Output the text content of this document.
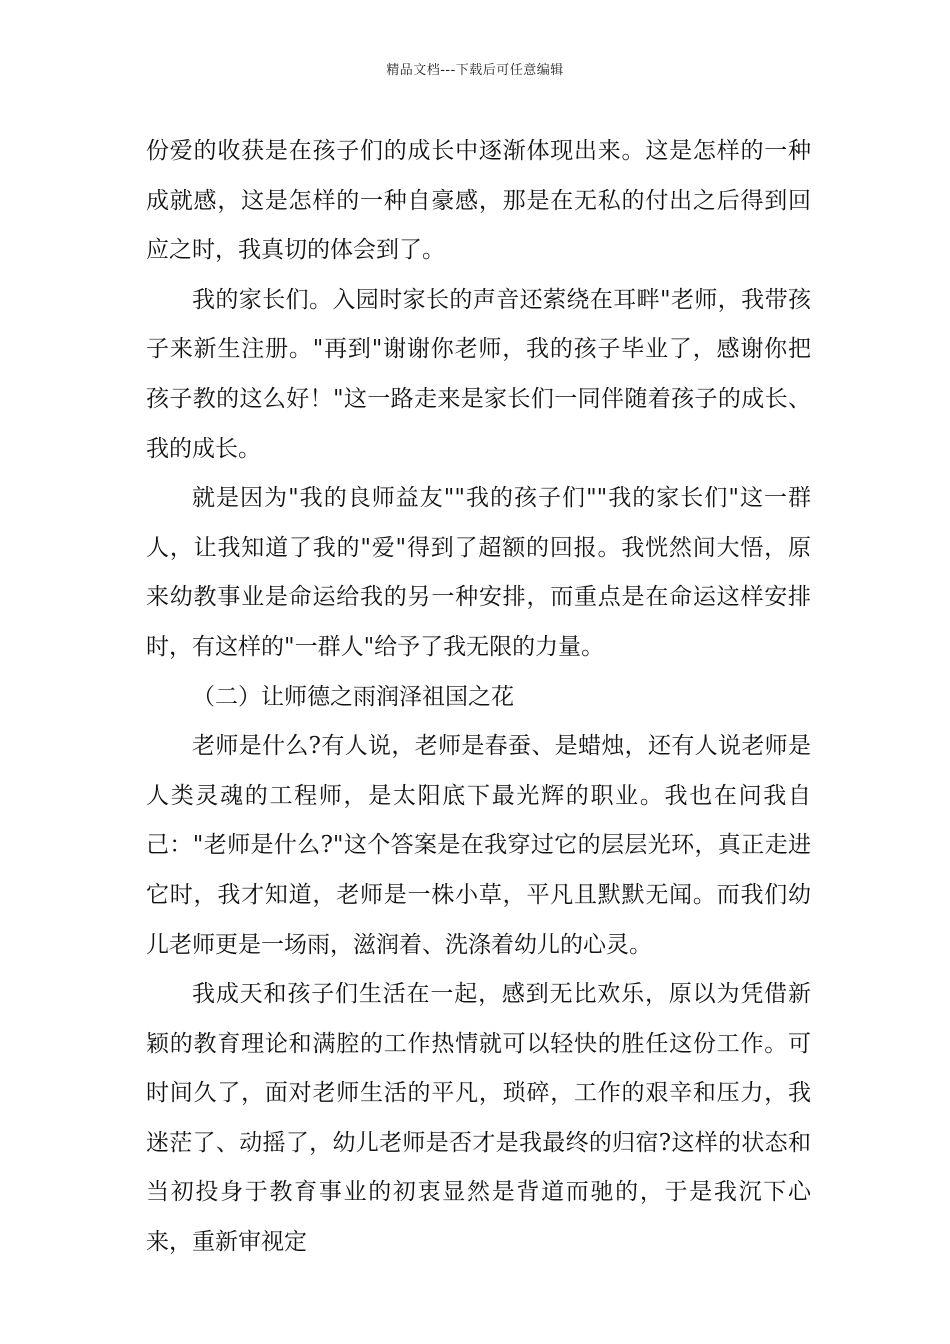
精品文档---下载后可任意编辑

份爱的收获是在孩子们的成长中逐渐体现出来。这是怎样的一种成就感，这是怎样的一种自豪感，那是在无私的付出之后得到回应之时，我真切的体会到了。

我的家长们。入园时家长的声音还萦绕在耳畔"老师，我带孩子来新生注册。"再到"谢谢你老师，我的孩子毕业了，感谢你把孩子教的这么好！"这一路走来是家长们一同伴随着孩子的成长、我的成长。

就是因为"我的良师益友""我的孩子们""我的家长们"这一群人，让我知道了我的"爱"得到了超额的回报。我恍然间大悟，原来幼教事业是命运给我的另一种安排，而重点是在命运这样安排时，有这样的"一群人"给予了我无限的力量。

（二）让师德之雨润泽祖国之花

老师是什么?有人说，老师是春蚕、是蜡烛，还有人说老师是人类灵魂的工程师，是太阳底下最光辉的职业。我也在问我自己："老师是什么?"这个答案是在我穿过它的层层光环，真正走进它时，我才知道，老师是一株小草，平凡且默默无闻。而我们幼儿老师更是一场雨，滋润着、洗涤着幼儿的心灵。

我成天和孩子们生活在一起，感到无比欢乐，原以为凭借新颖的教育理论和满腔的工作热情就可以轻快的胜任这份工作。可时间久了，面对老师生活的平凡，琐碎，工作的艰辛和压力，我迷茫了、动摇了，幼儿老师是否才是我最终的归宿?这样的状态和当初投身于教育事业的初衷显然是背道而驰的，于是我沉下心来，重新审视定
